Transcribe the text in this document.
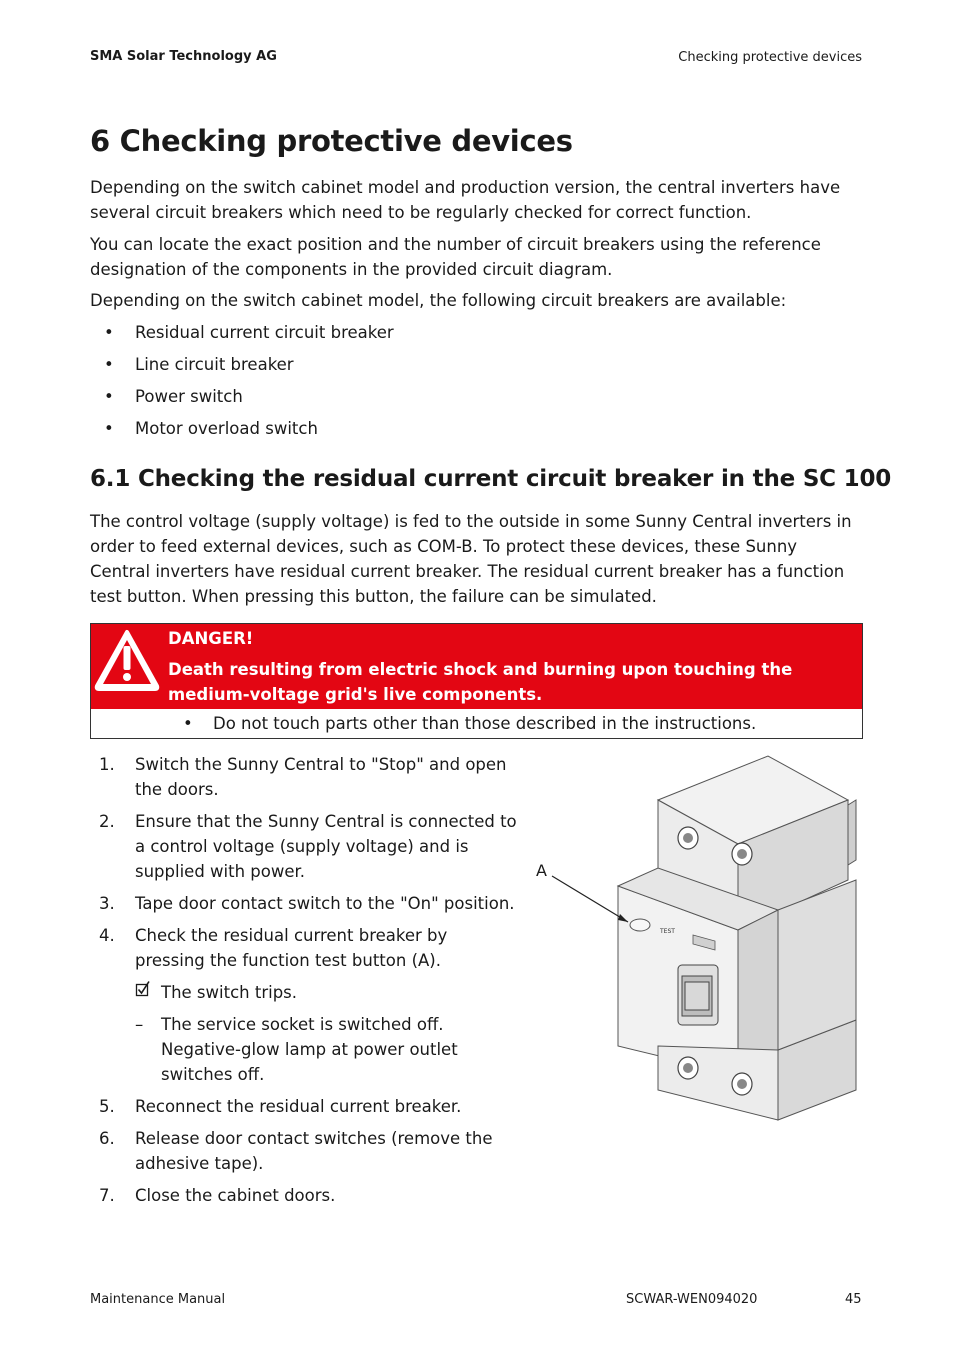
SMA Solar Technology AG	Checking protective devices
6 Checking protective devices
Depending on the switch cabinet model and production version, the central inverters have several circuit breakers which need to be regularly checked for correct function.
You can locate the exact position and the number of circuit breakers using the reference designation of the components in the provided circuit diagram.
Depending on the switch cabinet model, the following circuit breakers are available:
• Residual current circuit breaker
• Line circuit breaker
• Power switch
• Motor overload switch
6.1 Checking the residual current circuit breaker in the SC 100
The control voltage (supply voltage) is fed to the outside in some Sunny Central inverters in order to feed external devices, such as COM-B. To protect these devices, these Sunny Central inverters have residual current breaker. The residual current breaker has a function test button. When pressing this button, the failure can be simulated.
DANGER!
Death resulting from electric shock and burning upon touching the medium-voltage grid's live components.
• Do not touch parts other than those described in the instructions.
1. Switch the Sunny Central to "Stop" and open the doors.
2. Ensure that the Sunny Central is connected to a control voltage (supply voltage) and is supplied with power.
3. Tape door contact switch to the "On" position.
4. Check the residual current breaker by pressing the function test button (A).
The switch trips.
– The service socket is switched off. Negative-glow lamp at power outlet switches off.
5. Reconnect the residual current breaker.
6. Release door contact switches (remove the adhesive tape).
7. Close the cabinet doors.
TEST
A
Maintenance Manual	SCWAR-WEN094020	45
